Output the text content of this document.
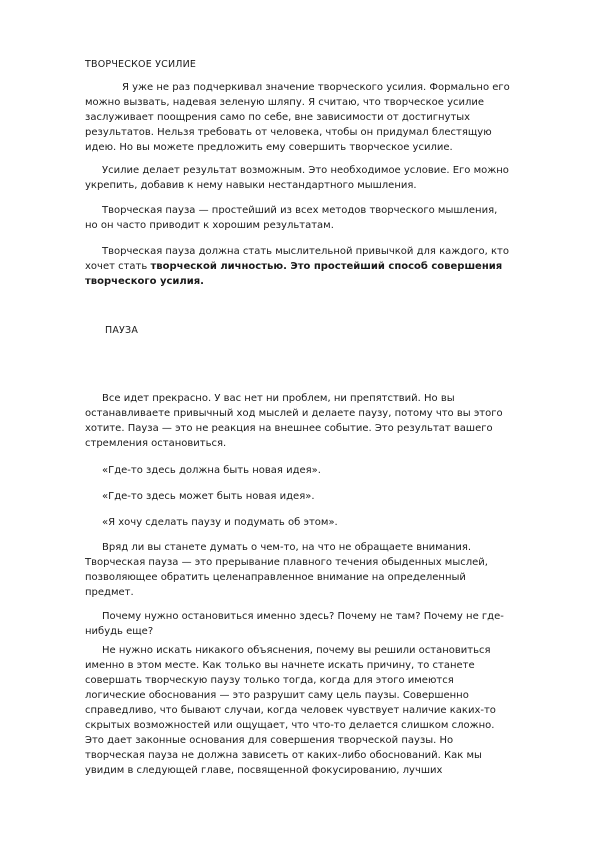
ТВОРЧЕСКОЕ УСИЛИЕ

Я уже не раз подчеркивал значение творческого усилия. Формально его
можно вызвать, надевая зеленую шляпу. Я считаю, что творческое усилие
заслуживает поощрения само по себе, вне зависимости от достигнутых
результатов. Нельзя требовать от человека, чтобы он придумал блестящую
идею. Но вы можете предложить ему совершить творческое усилие.

Усилие делает результат возможным. Это необходимое условие. Его можно
укрепить, добавив к нему навыки нестандартного мышления.

Творческая пауза — простейший из всех методов творческого мышления,
но он часто приводит к хорошим результатам.

Творческая пауза должна стать мыслительной привычкой для каждого, кто
хочет стать творческой личностью. Это простейший способ совершения
творческого усилия.

ПАУЗА

Все идет прекрасно. У вас нет ни проблем, ни препятствий. Но вы
останавливаете привычный ход мыслей и делаете паузу, потому что вы этого
хотите. Пауза — это не реакция на внешнее событие. Это результат вашего
стремления остановиться.

«Где-то здесь должна быть новая идея».

«Где-то здесь может быть новая идея».

«Я хочу сделать паузу и подумать об этом».

Вряд ли вы станете думать о чем-то, на что не обращаете внимания.
Творческая пауза — это прерывание плавного течения обыденных мыслей,
позволяющее обратить целенаправленное внимание на определенный
предмет.

Почему нужно остановиться именно здесь? Почему не там? Почему не где-
нибудь еще?

Не нужно искать никакого объяснения, почему вы решили остановиться
именно в этом месте. Как только вы начнете искать причину, то станете
совершать творческую паузу только тогда, когда для этого имеются
логические обоснования — это разрушит саму цель паузы. Совершенно
справедливо, что бывают случаи, когда человек чувствует наличие каких-то
скрытых возможностей или ощущает, что что-то делается слишком сложно.
Это дает законные основания для совершения творческой паузы. Но
творческая пауза не должна зависеть от каких-либо обоснований. Как мы
увидим в следующей главе, посвященной фокусированию, лучших
